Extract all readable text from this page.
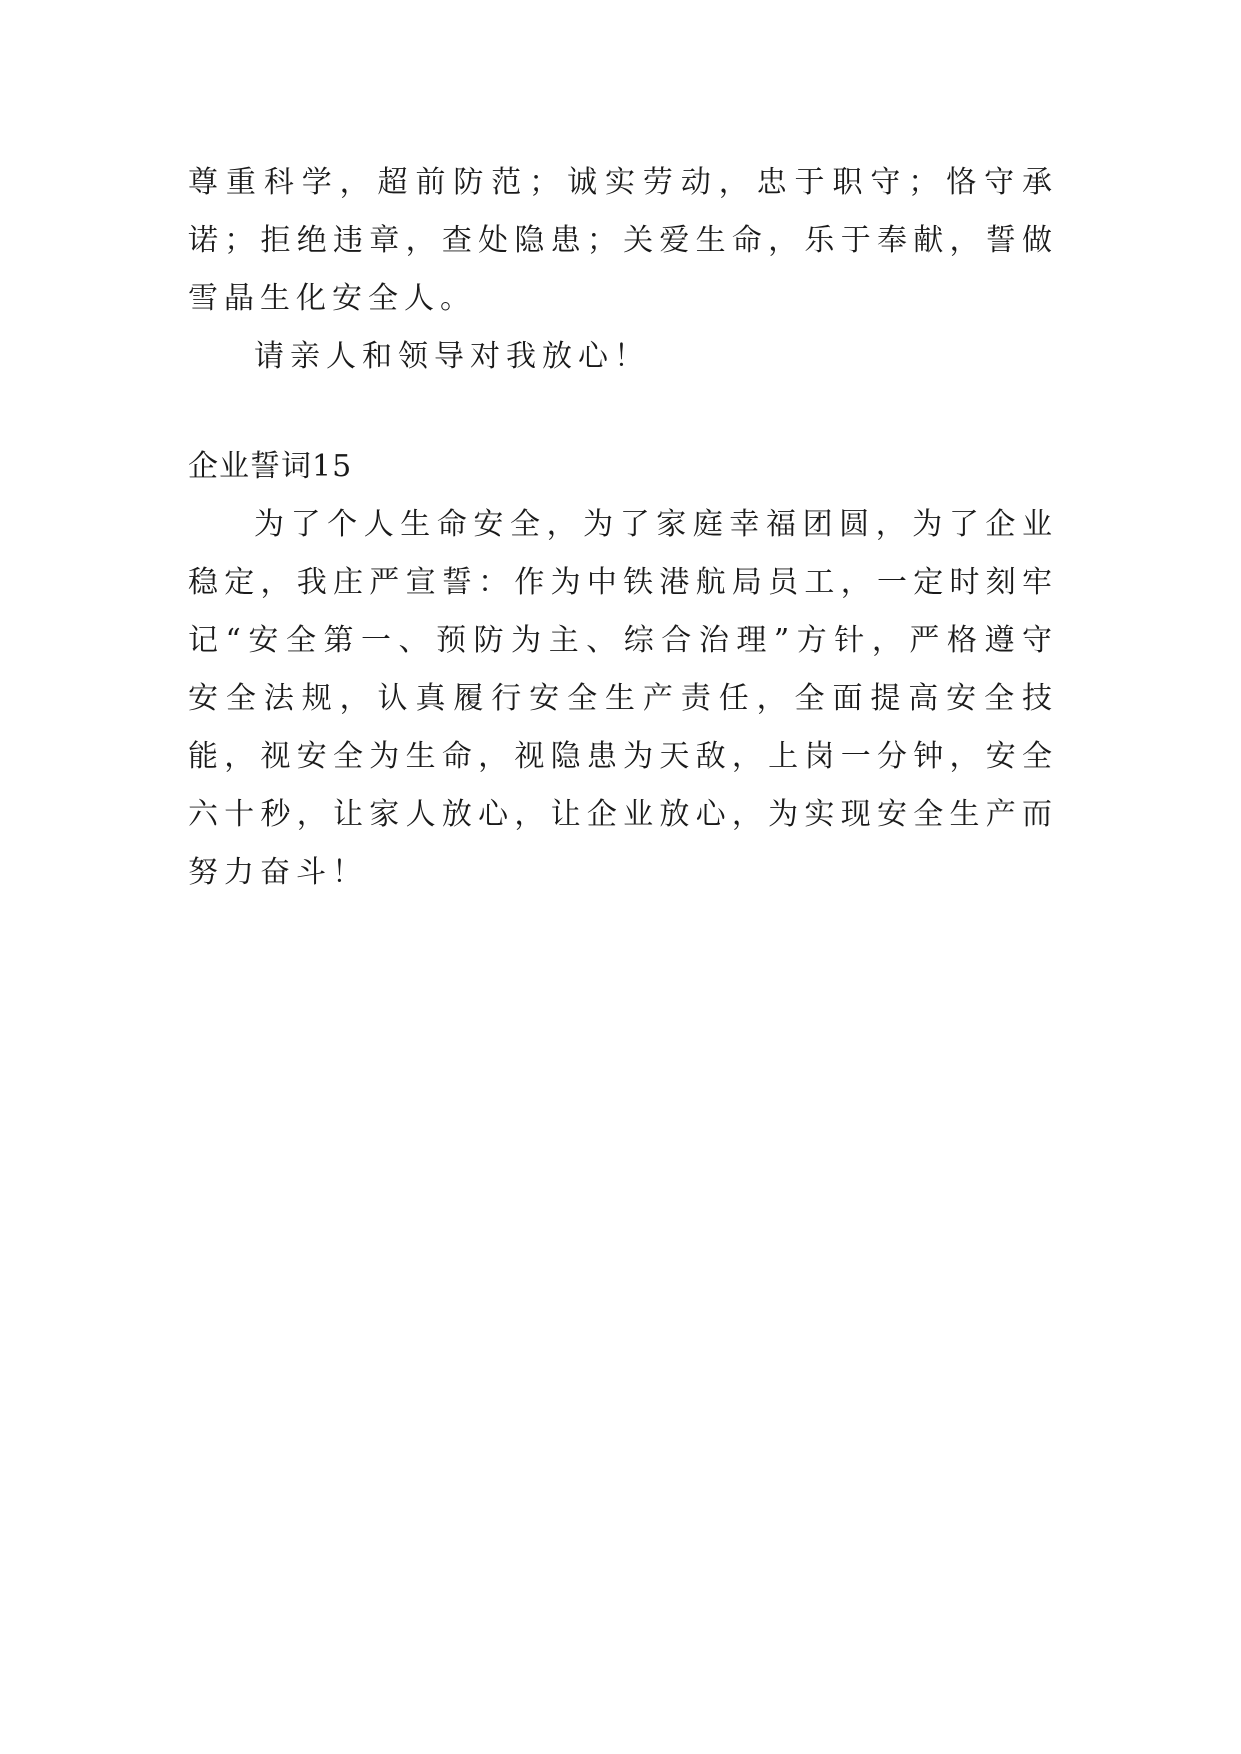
尊重科学，超前防范；诚实劳动，忠于职守；恪守承诺；拒绝违章，查处隐患；关爱生命，乐于奉献，誓做雪晶生化安全人。

请亲人和领导对我放心！

企业誓词15

为了个人生命安全，为了家庭幸福团圆，为了企业稳定，我庄严宣誓：作为中铁港航局员工，一定时刻牢记“安全第一、预防为主、综合治理”方针，严格遵守安全法规，认真履行安全生产责任，全面提高安全技能，视安全为生命，视隐患为天敌，上岗一分钟，安全六十秒，让家人放心，让企业放心，为实现安全生产而努力奋斗！
